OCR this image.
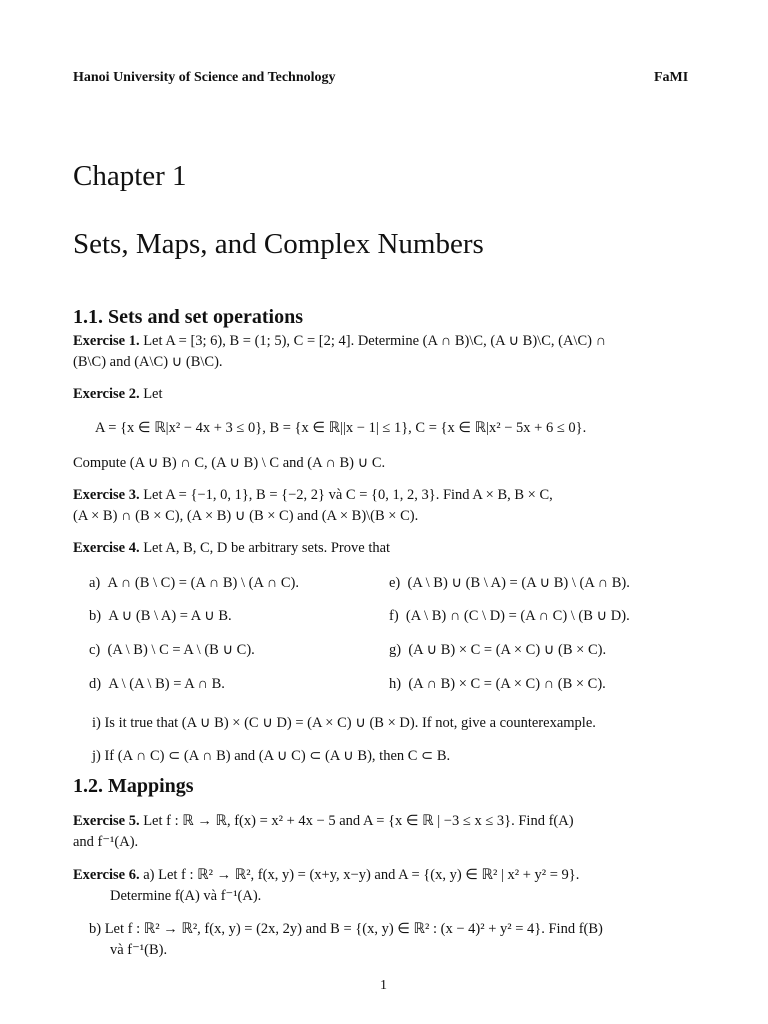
Hanoi University of Science and Technology	FaMI
Chapter 1
Sets, Maps, and Complex Numbers
1.1. Sets and set operations
Exercise 1. Let A = [3; 6), B = (1; 5), C = [2; 4]. Determine (A ∩ B)\C, (A ∪ B)\C, (A\C) ∩
(B\C) and (A\C) ∪ (B\C).
Exercise 2. Let
A = {x ∈ ℝ|x² − 4x + 3 ≤ 0}, B = {x ∈ ℝ||x − 1| ≤ 1}, C = {x ∈ ℝ|x² − 5x + 6 ≤ 0}.
Compute (A ∪ B) ∩ C, (A ∪ B) \ C and (A ∩ B) ∪ C.
Exercise 3. Let A = {−1, 0, 1}, B = {−2, 2} và C = {0, 1, 2, 3}. Find A × B, B × C,
(A × B) ∩ (B × C), (A × B) ∪ (B × C) and (A × B)\(B × C).
Exercise 4. Let A, B, C, D be arbitrary sets. Prove that
a) A ∩ (B \ C) = (A ∩ B) \ (A ∩ C).
b) A ∪ (B \ A) = A ∪ B.
c) (A \ B) \ C = A \ (B ∪ C).
d) A \ (A \ B) = A ∩ B.
e) (A \ B) ∪ (B \ A) = (A ∪ B) \ (A ∩ B).
f) (A \ B) ∩ (C \ D) = (A ∩ C) \ (B ∪ D).
g) (A ∪ B) × C = (A × C) ∪ (B × C).
h) (A ∩ B) × C = (A × C) ∩ (B × C).
i) Is it true that (A ∪ B) × (C ∪ D) = (A × C) ∪ (B × D). If not, give a counterexample.
j) If (A ∩ C) ⊂ (A ∩ B) and (A ∪ C) ⊂ (A ∪ B), then C ⊂ B.
1.2. Mappings
Exercise 5. Let f : ℝ → ℝ, f(x) = x² + 4x − 5 and A = {x ∈ ℝ | −3 ≤ x ≤ 3}. Find f(A)
and f⁻¹(A).
Exercise 6. a) Let f : ℝ² → ℝ², f(x, y) = (x+y, x−y) and A = {(x, y) ∈ ℝ² | x² + y² = 9}.
Determine f(A) và f⁻¹(A).
b) Let f : ℝ² → ℝ², f(x, y) = (2x, 2y) and B = {(x, y) ∈ ℝ² : (x − 4)² + y² = 4}. Find f(B)
và f⁻¹(B).
1
